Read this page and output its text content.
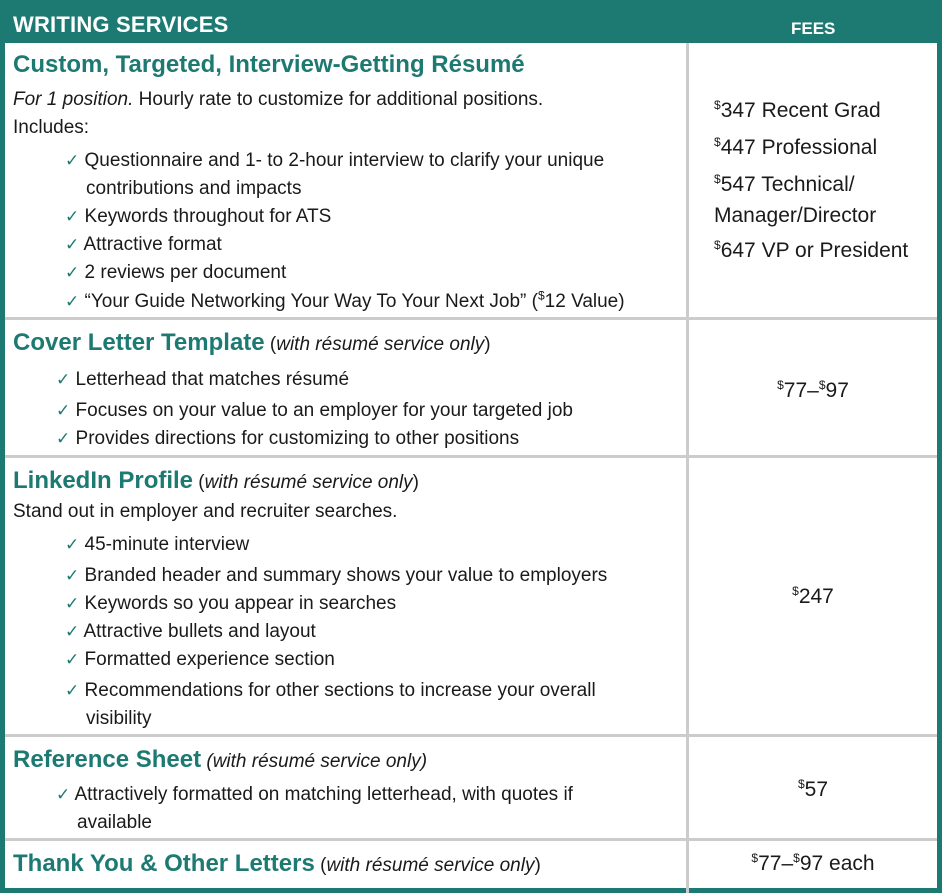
WRITING SERVICES	FEES
Custom, Targeted, Interview-Getting Résumé
For 1 position. Hourly rate to customize for additional positions.
Includes:
✓ Questionnaire and 1- to 2-hour interview to clarify your unique
contributions and impacts
✓ Keywords throughout for ATS
✓ Attractive format
✓ 2 reviews per document
✓ “Your Guide Networking Your Way To Your Next Job” ($12 Value)
$347 Recent Grad
$447 Professional
$547 Technical/
Manager/Director
$647 VP or President
Cover Letter Template (with résumé service only)
✓ Letterhead that matches résumé
✓ Focuses on your value to an employer for your targeted job
✓ Provides directions for customizing to other positions
$77–$97
LinkedIn Profile (with résumé service only)
Stand out in employer and recruiter searches.
✓ 45-minute interview
✓ Branded header and summary shows your value to employers
✓ Keywords so you appear in searches
✓ Attractive bullets and layout
✓ Formatted experience section
✓ Recommendations for other sections to increase your overall
visibility
$247
Reference Sheet (with résumé service only)
✓ Attractively formatted on matching letterhead, with quotes if
available
$57
Thank You & Other Letters (with résumé service only)	$77–$97 each
